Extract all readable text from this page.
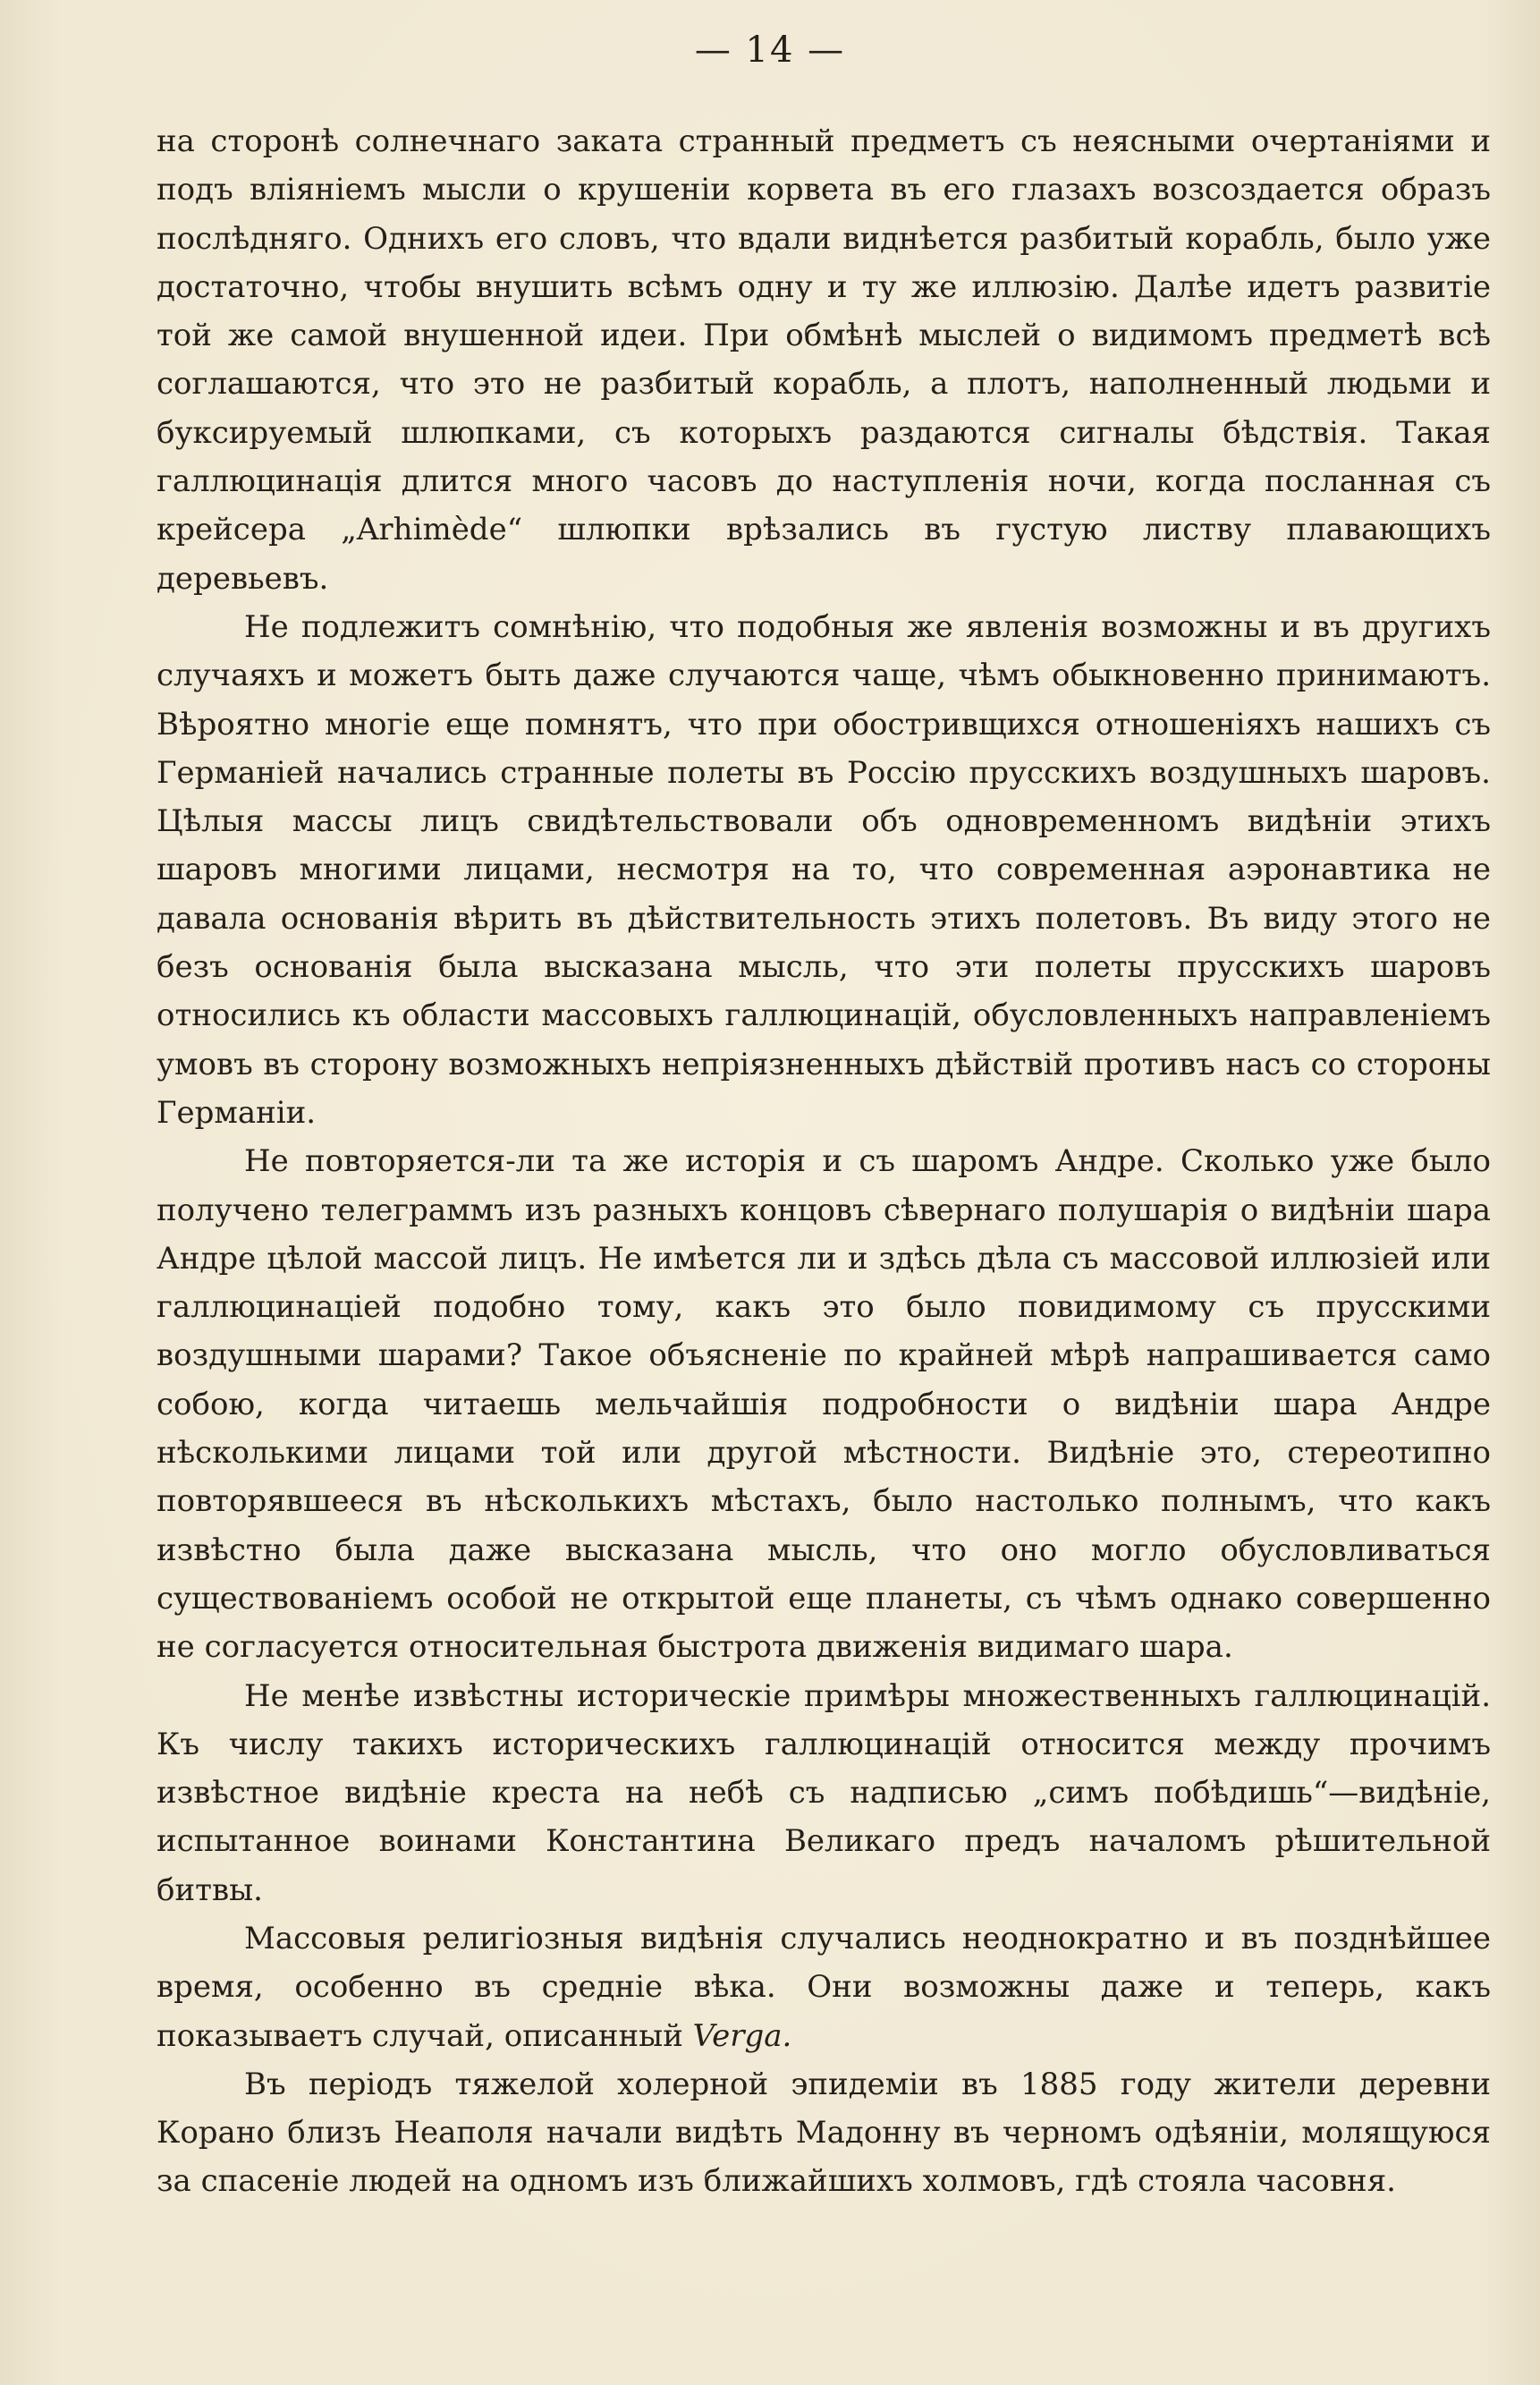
— 14 —

на сторонѣ солнечнаго заката странный предметъ съ неясными очертаніями и подъ вліяніемъ мысли о крушеніи корвета въ его глазахъ возсоздается образъ послѣдняго. Однихъ его словъ, что вдали виднѣется разбитый корабль, было уже достаточно, чтобы внушить всѣмъ одну и ту же иллюзію. Далѣе идетъ развитіе той же самой внушенной идеи. При обмѣнѣ мыслей о видимомъ предметѣ всѣ соглашаются, что это не разбитый корабль, а плотъ, наполненный людьми и буксируемый шлюпками, съ которыхъ раздаются сигналы бѣдствія. Такая галлюцинація длится много часовъ до наступленія ночи, когда посланная съ крейсера „Arhimède“ шлюпки врѣзались въ густую листву плавающихъ деревьевъ.

Не подлежитъ сомнѣнію, что подобныя же явленія возможны и въ другихъ случаяхъ и можетъ быть даже случаются чаще, чѣмъ обыкновенно принимаютъ. Вѣроятно многіе еще помнятъ, что при обостривщихся отношеніяхъ нашихъ съ Германіей начались странные полеты въ Россію прусскихъ воздушныхъ шаровъ. Цѣлыя массы лицъ свидѣтельствовали объ одновременномъ видѣніи этихъ шаровъ многими лицами, несмотря на то, что современная аэронавтика не давала основанія вѣрить въ дѣйствительность этихъ полетовъ. Въ виду этого не безъ основанія была высказана мысль, что эти полеты прусскихъ шаровъ относились къ области массовыхъ галлюцинацій, обусловленныхъ направленіемъ умовъ въ сторону возможныхъ непріязненныхъ дѣйствій противъ насъ со стороны Германіи.

Не повторяется-ли та же исторія и съ шаромъ Андре. Сколько уже было получено телеграммъ изъ разныхъ концовъ сѣвернаго полушарія о видѣніи шара Андре цѣлой массой лицъ. Не имѣется ли и здѣсь дѣла съ массовой иллюзіей или галлюцинаціей подобно тому, какъ это было повидимому съ прусскими воздушными шарами? Такое объясненіе по крайней мѣрѣ напрашивается само собою, когда читаешь мельчайшія подробности о видѣніи шара Андре нѣсколькими лицами той или другой мѣстности. Видѣніе это, стереотипно повторявшееся въ нѣсколькихъ мѣстахъ, было настолько полнымъ, что какъ извѣстно была даже высказана мысль, что оно могло обусловливаться существованіемъ особой не открытой еще планеты, съ чѣмъ однако совершенно не согласуется относительная быстрота движенія видимаго шара.

Не менѣе извѣстны историческіе примѣры множественныхъ галлюцинацій. Къ числу такихъ историческихъ галлюцинацій относится между прочимъ извѣстное видѣніе креста на небѣ съ надписью „симъ побѣдишь“—видѣніе, испытанное воинами Константина Великаго предъ началомъ рѣшительной битвы.

Массовыя религіозныя видѣнія случались неоднократно и въ позднѣйшее время, особенно въ средніе вѣка. Они возможны даже и теперь, какъ показываетъ случай, описанный Verga.

Въ періодъ тяжелой холерной эпидеміи въ 1885 году жители деревни Корано близъ Неаполя начали видѣть Мадонну въ черномъ одѣяніи, молящуюся за спасеніе людей на одномъ изъ ближайшихъ холмовъ, гдѣ стояла часовня.
